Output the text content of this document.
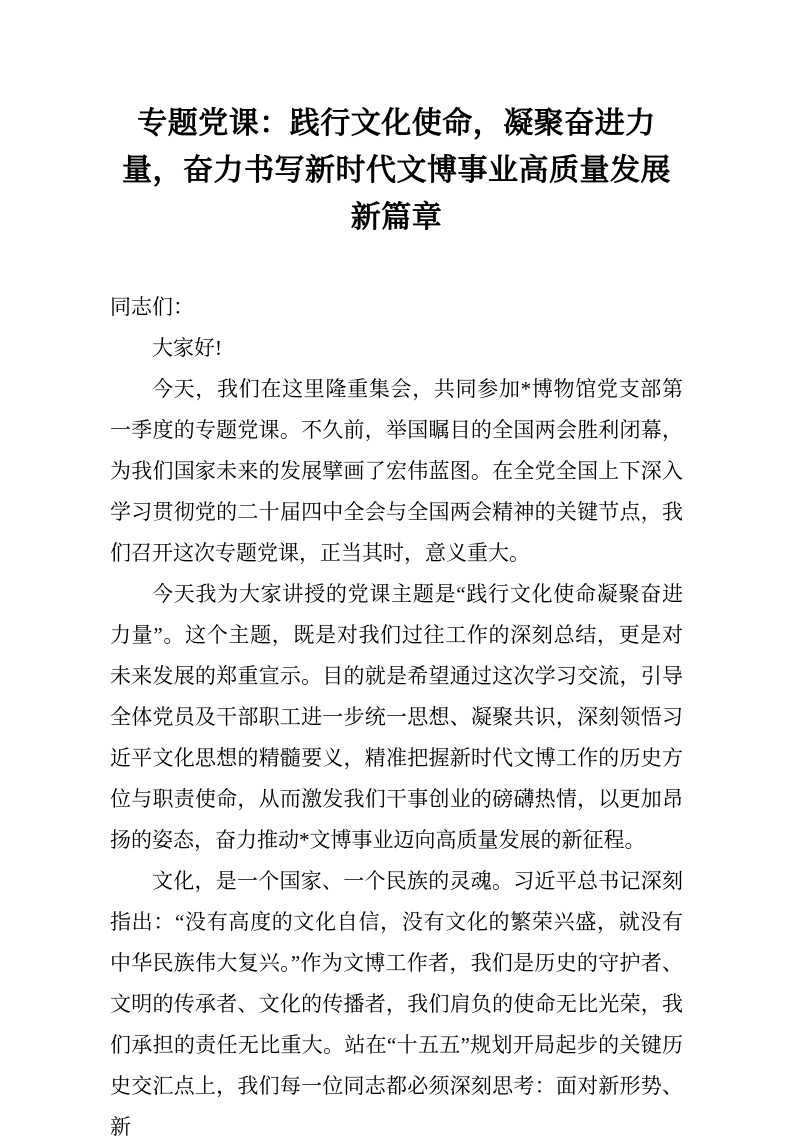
专题党课：践行文化使命，凝聚奋进力量，奋力书写新时代文博事业高质量发展新篇章

同志们：

大家好!

今天，我们在这里隆重集会，共同参加*博物馆党支部第一季度的专题党课。不久前，举国瞩目的全国两会胜利闭幕，为我们国家未来的发展擘画了宏伟蓝图。在全党全国上下深入学习贯彻党的二十届四中全会与全国两会精神的关键节点，我们召开这次专题党课，正当其时，意义重大。

今天我为大家讲授的党课主题是“践行文化使命凝聚奋进力量”。这个主题，既是对我们过往工作的深刻总结，更是对未来发展的郑重宣示。目的就是希望通过这次学习交流，引导全体党员及干部职工进一步统一思想、凝聚共识，深刻领悟习近平文化思想的精髓要义，精准把握新时代文博工作的历史方位与职责使命，从而激发我们干事创业的磅礴热情，以更加昂扬的姿态，奋力推动*文博事业迈向高质量发展的新征程。

文化，是一个国家、一个民族的灵魂。习近平总书记深刻指出：“没有高度的文化自信，没有文化的繁荣兴盛，就没有中华民族伟大复兴。”作为文博工作者，我们是历史的守护者、文明的传承者、文化的传播者，我们肩负的使命无比光荣，我们承担的责任无比重大。站在“十五五”规划开局起步的关键历史交汇点上，我们每一位同志都必须深刻思考：面对新形势、新
